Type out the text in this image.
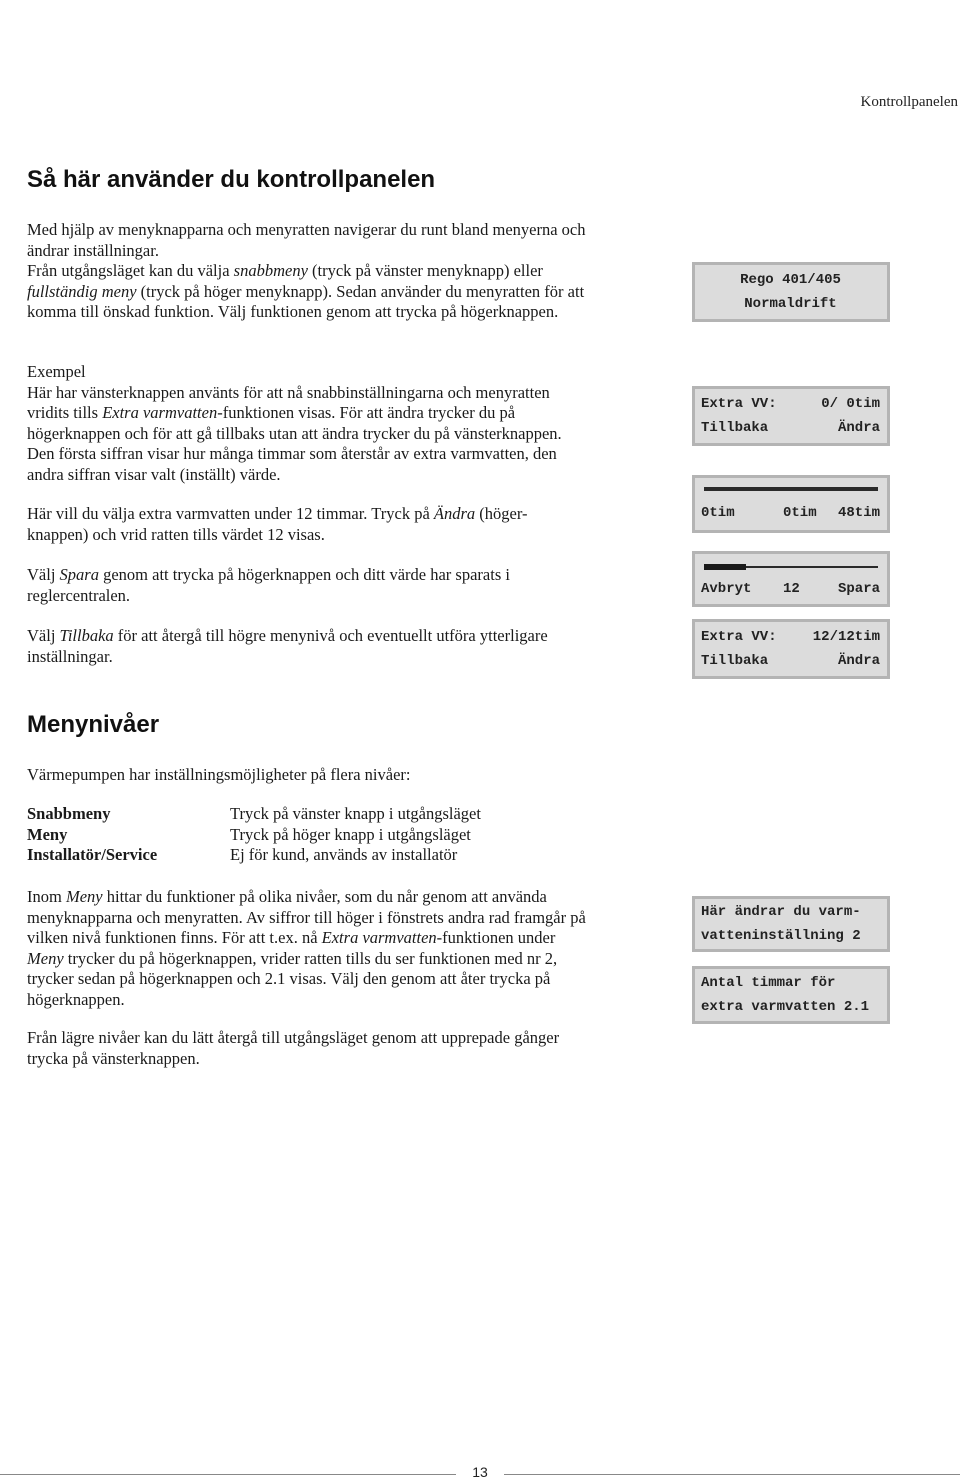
Kontrollpanelen
Så här använder du kontrollpanelen

Med hjälp av menyknapparna och menyratten navigerar du runt bland menyerna och ändrar inställningar.
Från utgångsläget kan du välja snabbmeny (tryck på vänster menyknapp) eller fullständig meny (tryck på höger menyknapp). Sedan använder du menyratten för att komma till önskad funktion. Välj funktionen genom att trycka på högerknappen.

Exempel
Här har vänsterknappen använts för att nå snabbinställningarna och menyratten vridits tills Extra varmvatten-funktionen visas. För att ändra trycker du på högerknappen och för att gå tillbaks utan att ändra trycker du på vänsterknappen. Den första siffran visar hur många timmar som återstår av extra varmvatten, den andra siffran visar valt (inställt) värde.

Här vill du välja extra varmvatten under 12 timmar. Tryck på Ändra (höger-knappen) och vrid ratten tills värdet 12 visas.

Välj Spara genom att trycka på högerknappen och ditt värde har sparats i reglercentralen.

Välj Tillbaka för att återgå till högre menynivå och eventuellt utföra ytterligare inställningar.

Rego 401/405
Normaldrift
Extra VV:	0/ 0tim
Tillbaka	Ändra
0tim	0tim 48tim
Avbryt 12	Spara
Extra VV:	12/12tim
Tillbaka	Ändra
Menynivåer

Värmepumpen har inställningsmöjligheter på flera nivåer:

Snabbmeny	Tryck på vänster knapp i utgångsläget
Meny	Tryck på höger knapp i utgångsläget
Installatör/Service	Ej för kund, används av installatör

Inom Meny hittar du funktioner på olika nivåer, som du når genom att använda menyknapparna och menyratten. Av siffror till höger i fönstrets andra rad framgår på vilken nivå funktionen finns. För att t.ex. nå Extra varmvatten-funktionen under Meny trycker du på högerknappen, vrider ratten tills du ser funktionen med nr 2, trycker sedan på högerknappen och 2.1 visas. Välj den genom att åter trycka på högerknappen.

Från lägre nivåer kan du lätt återgå till utgångsläget genom att upprepade gånger trycka på vänsterknappen.

Här ändrar du varm-
vatteninställning 2
Antal timmar för
extra varmvatten 2.1
13
